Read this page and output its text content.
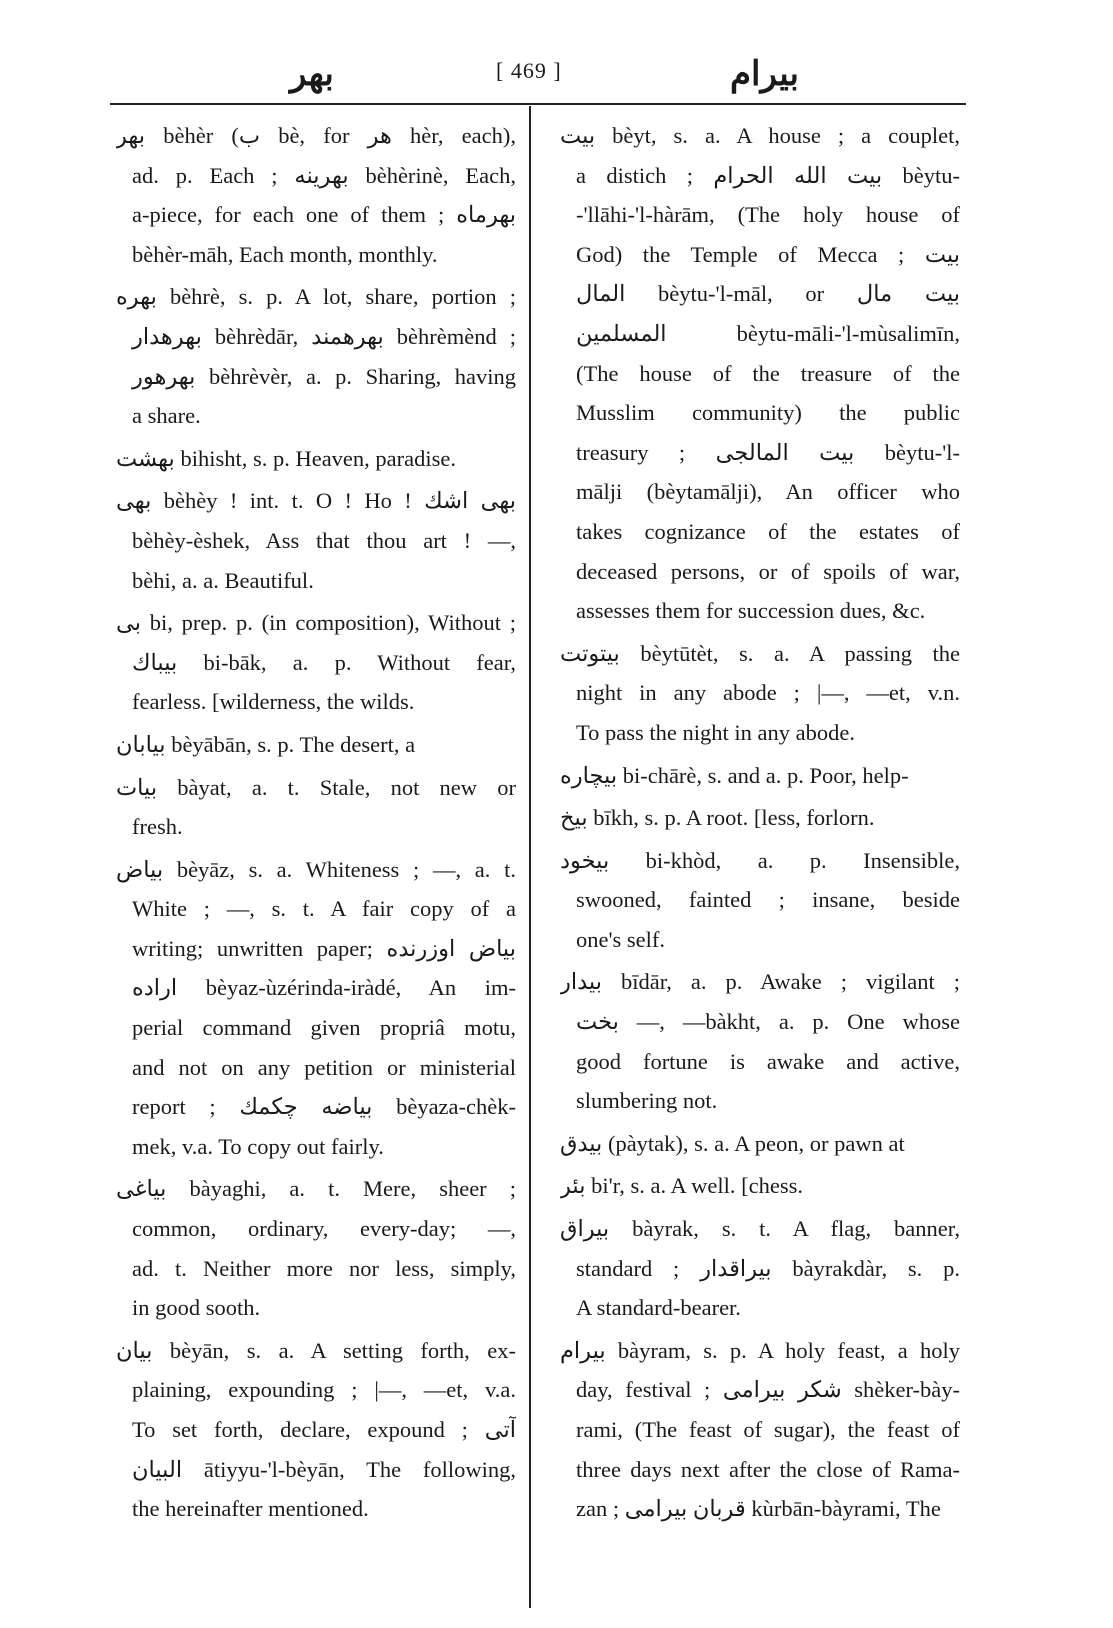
بهر	[ 469 ]	بيرام
بهر bèhèr (ب bè, for هر hèr, each),
ad. p. Each ; بهرينه bèhèrinè, Each,
a-piece, for each one of them ; بهرماه
bèhèr-māh, Each month, monthly.
بهره bèhrè, s. p. A lot, share, portion ;
بهرهدار bèhrèdār, بهرهمند bèhrèmènd ;
بهرهور bèhrèvèr, a. p. Sharing, having
a share.
بهشت bihisht, s. p. Heaven, paradise.
بهى bèhèy ! int. t. O ! Ho ! بهى اشك
bèhèy-èshek, Ass that thou art ! —,
bèhi, a. a. Beautiful.
بى bi, prep. p. (in composition), Without ;
بيباك bi-bāk, a. p. Without fear,
fearless. [wilderness, the wilds.
بيابان bèyābān, s. p. The desert, a
بيات bàyat, a. t. Stale, not new or
fresh.
بياض bèyāz, s. a. Whiteness ; —, a. t.
White ; —, s. t. A fair copy of a
writing; unwritten paper; بياض اوزرنده
اراده bèyaz-ùzérinda-iràdé, An im-
perial command given propriâ motu,
and not on any petition or ministerial
report ; بياضه چكمك bèyaza-chèk-
mek, v.a. To copy out fairly.
بياغى bàyaghi, a. t. Mere, sheer ;
common, ordinary, every-day; —,
ad. t. Neither more nor less, simply,
in good sooth.
بيان bèyān, s. a. A setting forth, ex-
plaining, expounding ; |—, —et, v.a.
To set forth, declare, expound ; آتى
البيان ātiyyu-'l-bèyān, The following,
the hereinafter mentioned.
بيت bèyt, s. a. A house ; a couplet,
a distich ; بيت الله الحرام bèytu-
-'llāhi-'l-hàrām, (The holy house of
God) the Temple of Mecca ; بيت
المال bèytu-'l-māl, or بيت مال
المسلمين bèytu-māli-'l-mùsalimīn,
(The house of the treasure of the
Musslim community) the public
treasury ; بيت المالجى bèytu-'l-
mālji (bèytamālji), An officer who
takes cognizance of the estates of
deceased persons, or of spoils of war,
assesses them for succession dues, &c.
بيتوتت bèytūtèt, s. a. A passing the
night in any abode ; |—, —et, v.n.
To pass the night in any abode.
بيچاره bi-chārè, s. and a. p. Poor, help-
بيخ bīkh, s. p. A root. [less, forlorn.
بيخود bi-khòd, a. p. Insensible,
swooned, fainted ; insane, beside
one's self.
بيدار bīdār, a. p. Awake ; vigilant ;
بخت —, —bàkht, a. p. One whose
good fortune is awake and active,
slumbering not.
بيدق (pàytak), s. a. A peon, or pawn at
بئر bi'r, s. a. A well. [chess.
بيراق bàyrak, s. t. A flag, banner,
standard ; بيراقدار bàyrakdàr, s. p.
A standard-bearer.
بيرام bàyram, s. p. A holy feast, a holy
day, festival ; شكر بيرامى shèker-bày-
rami, (The feast of sugar), the feast of
three days next after the close of Rama-
zan ; قربان بيرامى kùrbān-bàyrami, The
